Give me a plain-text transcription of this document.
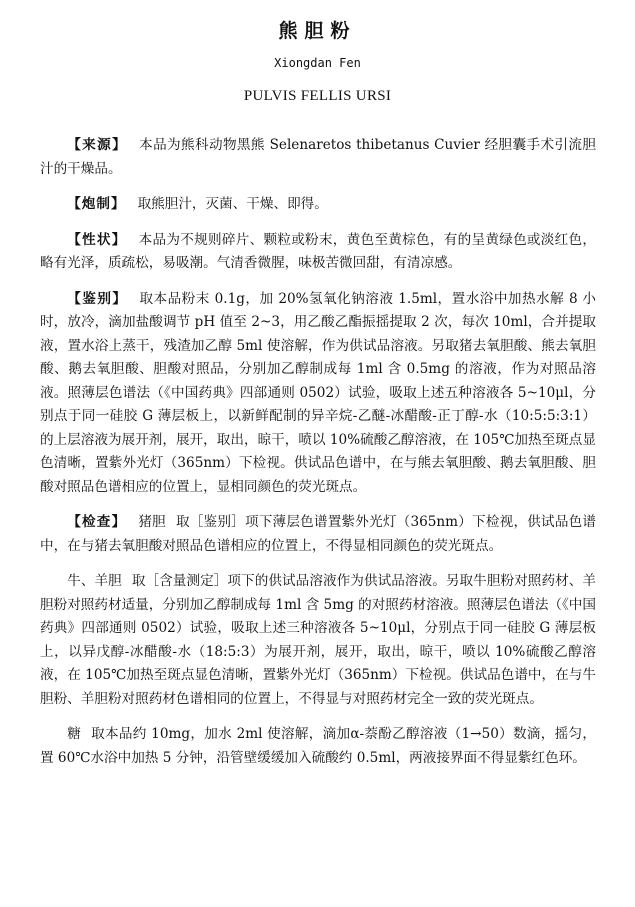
熊胆粉
Xiongdan Fen
PULVIS FELLIS URSI

【来源】 本品为熊科动物黑熊 Selenaretos thibetanus Cuvier 经胆囊手术引流胆汁的干燥品。

【炮制】 取熊胆汁，灭菌、干燥、即得。

【性状】 本品为不规则碎片、颗粒或粉末，黄色至黄棕色，有的呈黄绿色或淡红色，略有光泽，质疏松，易吸潮。气清香微腥，味极苦微回甜，有清凉感。

【鉴别】 取本品粉末 0.1g，加 20%氢氧化钠溶液 1.5ml，置水浴中加热水解 8 小时，放冷，滴加盐酸调节 pH 值至 2~3，用乙酸乙酯振摇提取 2 次，每次 10ml，合并提取液，置水浴上蒸干，残渣加乙醇 5ml 使溶解，作为供试品溶液。另取猪去氧胆酸、熊去氧胆酸、鹅去氧胆酸、胆酸对照品，分别加乙醇制成每 1ml 含 0.5mg 的溶液，作为对照品溶液。照薄层色谱法（《中国药典》四部通则 0502）试验，吸取上述五种溶液各 5~10μl，分别点于同一硅胶 G 薄层板上，以新鲜配制的异辛烷-乙醚-冰醋酸-正丁醇-水（10:5:5:3:1）的上层溶液为展开剂，展开，取出，晾干，喷以 10%硫酸乙醇溶液，在 105℃加热至斑点显色清晰，置紫外光灯（365nm）下检视。供试品色谱中，在与熊去氧胆酸、鹅去氧胆酸、胆酸对照品色谱相应的位置上，显相同颜色的荧光斑点。

【检查】 猪胆 取［鉴别］项下薄层色谱置紫外光灯（365nm）下检视，供试品色谱中，在与猪去氧胆酸对照品色谱相应的位置上，不得显相同颜色的荧光斑点。

牛、羊胆 取［含量测定］项下的供试品溶液作为供试品溶液。另取牛胆粉对照药材、羊胆粉对照药材适量，分别加乙醇制成每 1ml 含 5mg 的对照药材溶液。照薄层色谱法（《中国药典》四部通则 0502）试验，吸取上述三种溶液各 5~10μl，分别点于同一硅胶 G 薄层板上，以异戊醇-冰醋酸-水（18:5:3）为展开剂，展开，取出，晾干，喷以 10%硫酸乙醇溶液，在 105℃加热至斑点显色清晰，置紫外光灯（365nm）下检视。供试品色谱中，在与牛胆粉、羊胆粉对照药材色谱相同的位置上，不得显与对照药材完全一致的荧光斑点。

糖 取本品约 10mg，加水 2ml 使溶解，滴加α-萘酚乙醇溶液（1→50）数滴，摇匀，置 60℃水浴中加热 5 分钟，沿管壁缓缓加入硫酸约 0.5ml，两液接界面不得显紫红色环。
